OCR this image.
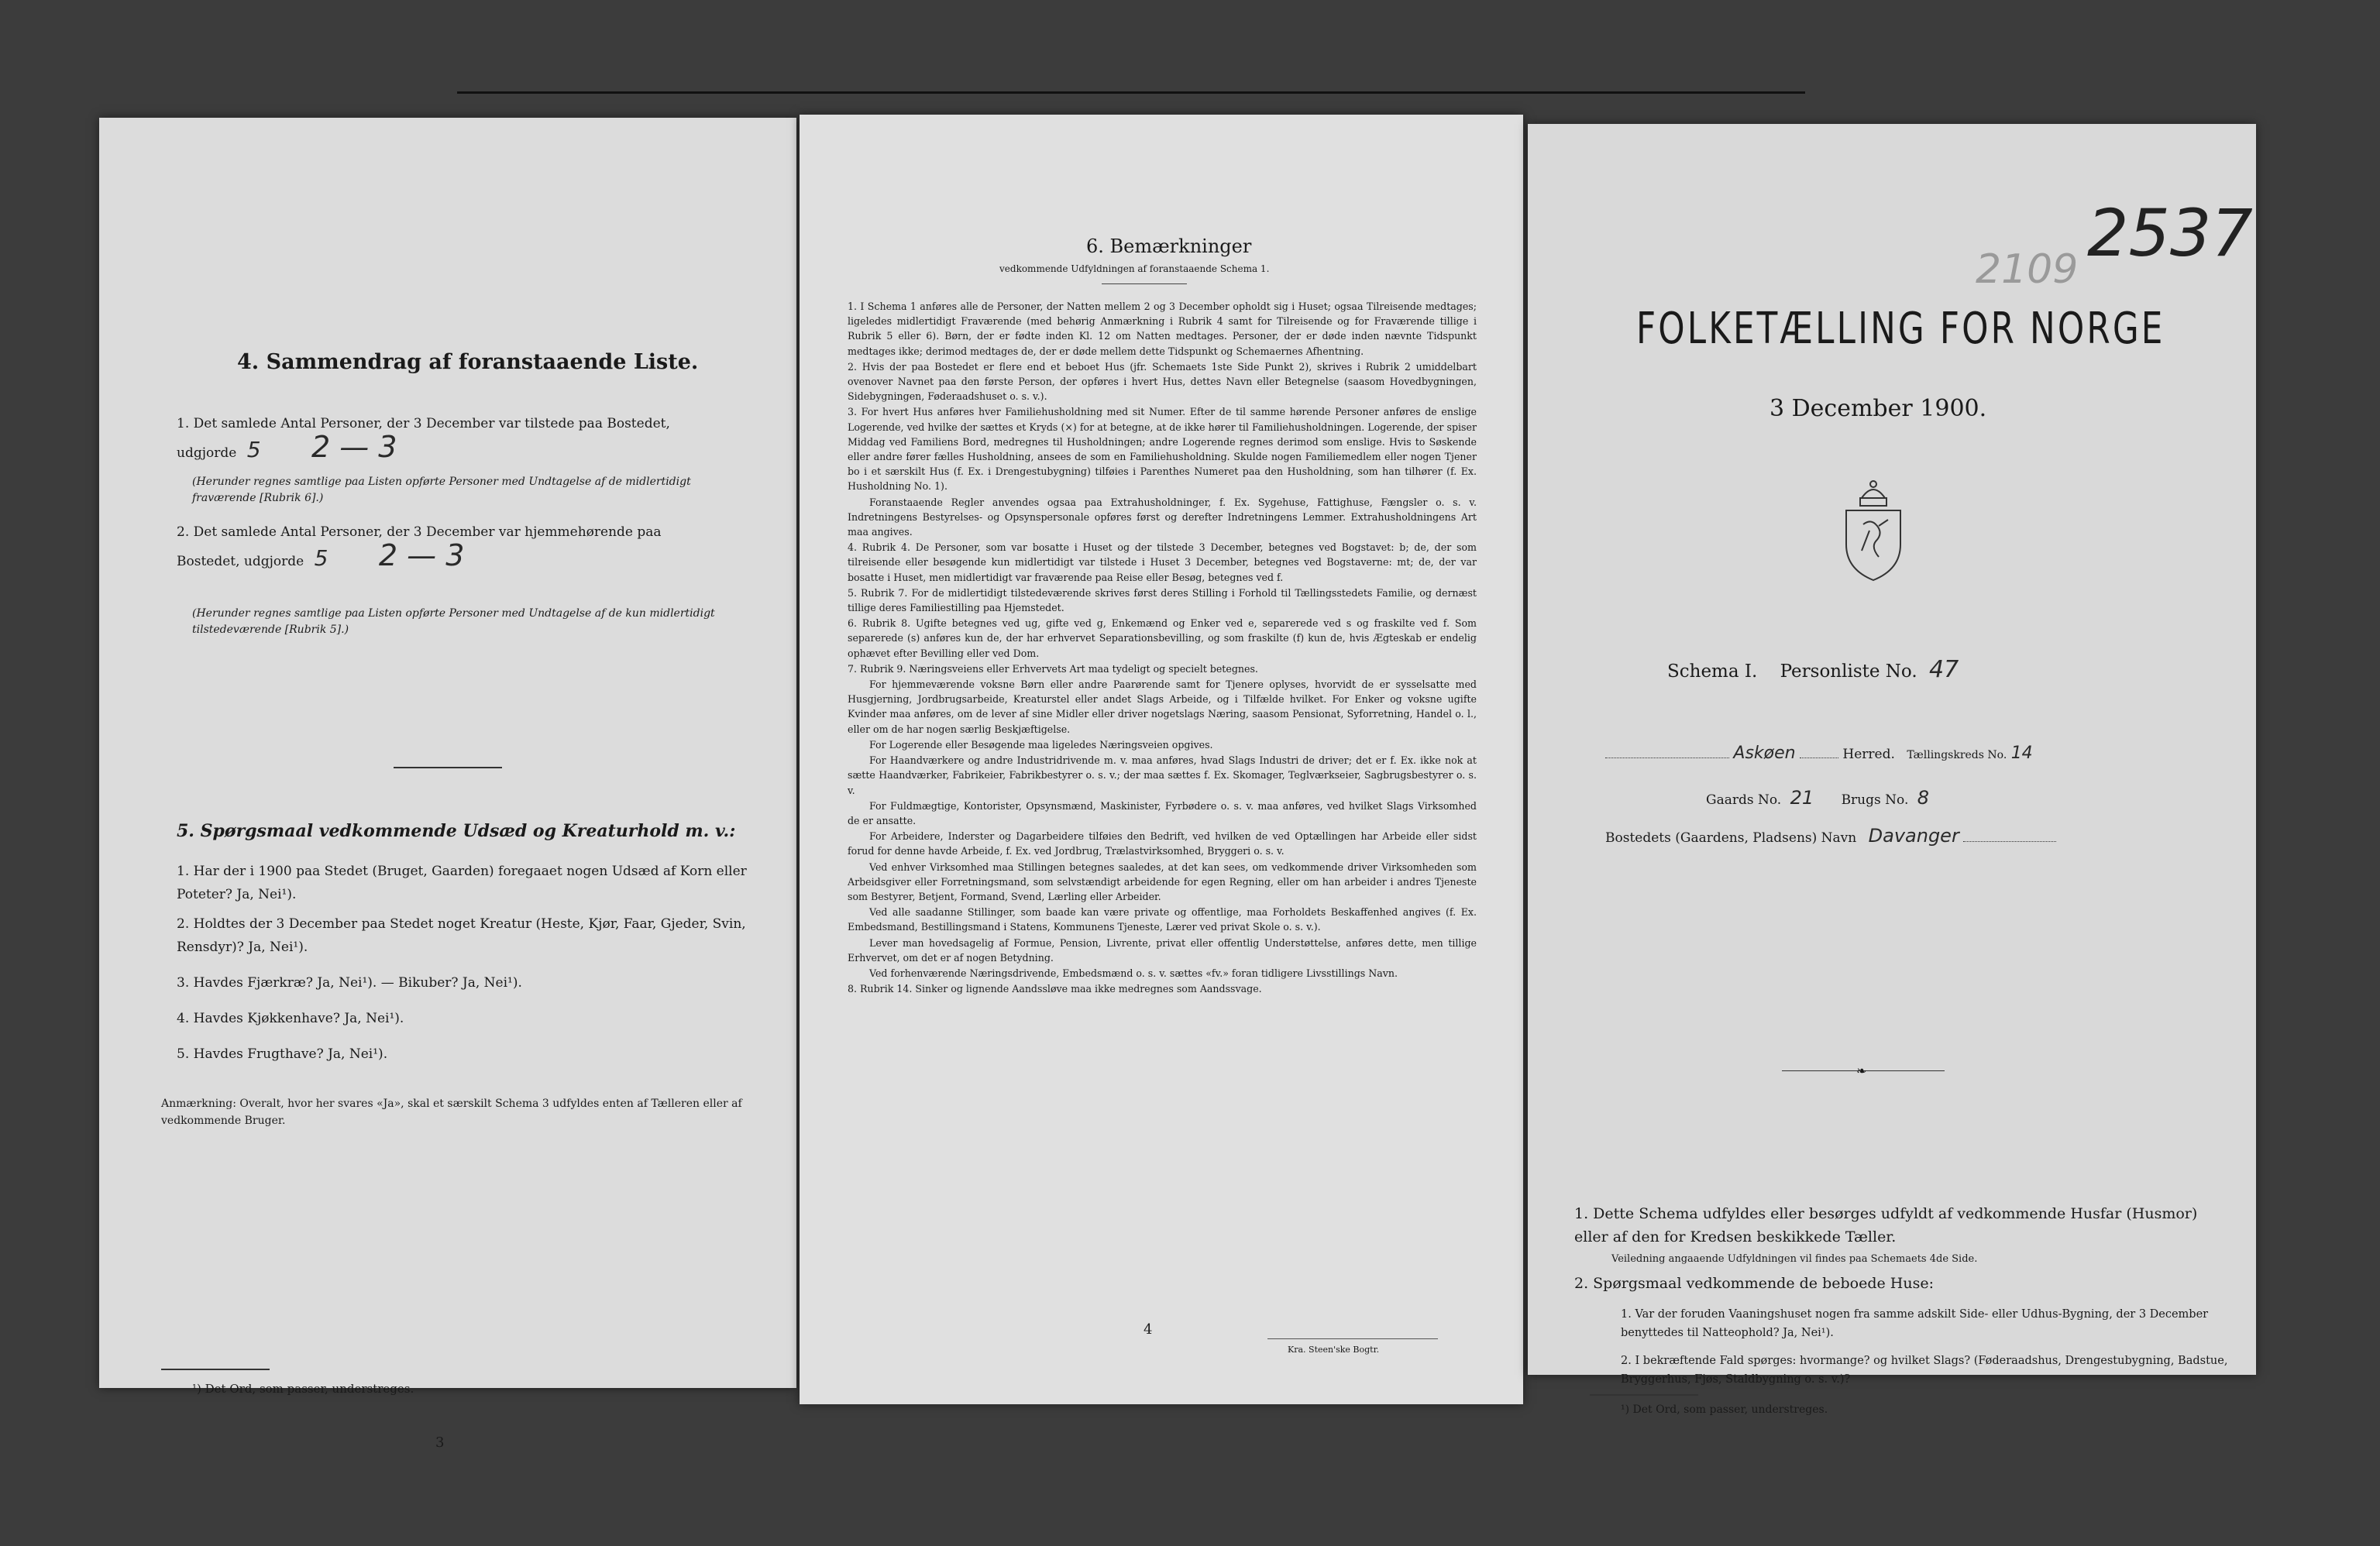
4. Sammendrag af foranstaaende Liste.
1. Det samlede Antal Personer, der 3 December var tilstede paa Bostedet,
udgjorde 5 2 — 3
(Herunder regnes samtlige paa Listen opførte Personer med Undtagelse af de midlertidigt fraværende [Rubrik 6].)
2. Det samlede Antal Personer, der 3 December var hjemmehørende paa
Bostedet, udgjorde 5 2 — 3
(Herunder regnes samtlige paa Listen opførte Personer med Undtagelse af de kun midlertidigt tilstedeværende [Rubrik 5].)
5. Spørgsmaal vedkommende Udsæd og Kreaturhold m. v.:
1. Har der i 1900 paa Stedet (Bruget, Gaarden) foregaaet nogen Udsæd af Korn eller Poteter? Ja, Nei¹).
2. Holdtes der 3 December paa Stedet noget Kreatur (Heste, Kjør, Faar, Gjeder, Svin, Rensdyr)? Ja, Nei¹).
3. Havdes Fjærkræ? Ja, Nei¹). — Bikuber? Ja, Nei¹).
4. Havdes Kjøkkenhave? Ja, Nei¹).
5. Havdes Frugthave? Ja, Nei¹).
Anmærkning: Overalt, hvor her svares «Ja», skal et særskilt Schema 3 udfyldes enten af Tælleren eller af vedkommende Bruger.
¹) Det Ord, som passer, understreges.
3
6. Bemærkninger
vedkommende Udfyldningen af foranstaaende Schema 1.

1. I Schema 1 anføres alle de Personer, der Natten mellem 2 og 3 December opholdt sig i Huset; ogsaa Tilreisende medtages; ligeledes midlertidigt Fraværende (med behørig Anmærkning i Rubrik 4 samt for Tilreisende og for Fraværende tillige i Rubrik 5 eller 6). Børn, der er fødte inden Kl. 12 om Natten medtages. Personer, der er døde inden nævnte Tidspunkt medtages ikke; derimod medtages de, der er døde mellem dette Tidspunkt og Schemaernes Afhentning.

2. Hvis der paa Bostedet er flere end et beboet Hus (jfr. Schemaets 1ste Side Punkt 2), skrives i Rubrik 2 umiddelbart ovenover Navnet paa den første Person, der opføres i hvert Hus, dettes Navn eller Betegnelse (saasom Hovedbygningen, Sidebygningen, Føderaadshuset o. s. v.).

3. For hvert Hus anføres hver Familiehusholdning med sit Numer. Efter de til samme hørende Personer anføres de enslige Logerende, ved hvilke der sættes et Kryds (×) for at betegne, at de ikke hører til Familiehusholdningen. Logerende, der spiser Middag ved Familiens Bord, medregnes til Husholdningen; andre Logerende regnes derimod som enslige. Hvis to Søskende eller andre fører fælles Husholdning, ansees de som en Familiehusholdning. Skulde nogen Familiemedlem eller nogen Tjener bo i et særskilt Hus (f. Ex. i Drengestubygning) tilføies i Parenthes Numeret paa den Husholdning, som han tilhører (f. Ex. Husholdning No. 1).

Foranstaaende Regler anvendes ogsaa paa Extrahusholdninger, f. Ex. Sygehuse, Fattighuse, Fængsler o. s. v. Indretningens Bestyrelses- og Opsynspersonale opføres først og derefter Indretningens Lemmer. Extrahusholdningens Art maa angives.

4. Rubrik 4. De Personer, som var bosatte i Huset og der tilstede 3 December, betegnes ved Bogstavet: b; de, der som tilreisende eller besøgende kun midlertidigt var tilstede i Huset 3 December, betegnes ved Bogstaverne: mt; de, der var bosatte i Huset, men midlertidigt var fraværende paa Reise eller Besøg, betegnes ved f.

5. Rubrik 7. For de midlertidigt tilstedeværende skrives først deres Stilling i Forhold til Tællingsstedets Familie, og dernæst tillige deres Familiestilling paa Hjemstedet.

6. Rubrik 8. Ugifte betegnes ved ug, gifte ved g, Enkemænd og Enker ved e, separerede ved s og fraskilte ved f. Som separerede (s) anføres kun de, der har erhvervet Separationsbevilling, og som fraskilte (f) kun de, hvis Ægteskab er endelig ophævet efter Bevilling eller ved Dom.

7. Rubrik 9. Næringsveiens eller Erhvervets Art maa tydeligt og specielt betegnes.

For hjemmeværende voksne Børn eller andre Paarørende samt for Tjenere oplyses, hvorvidt de er sysselsatte med Husgjerning, Jordbrugsarbeide, Kreaturstel eller andet Slags Arbeide, og i Tilfælde hvilket. For Enker og voksne ugifte Kvinder maa anføres, om de lever af sine Midler eller driver nogetslags Næring, saasom Pensionat, Syforretning, Handel o. l., eller om de har nogen særlig Beskjæftigelse.

For Logerende eller Besøgende maa ligeledes Næringsveien opgives.

For Haandværkere og andre Industridrivende m. v. maa anføres, hvad Slags Industri de driver; det er f. Ex. ikke nok at sætte Haandværker, Fabrikeier, Fabrikbestyrer o. s. v.; der maa sættes f. Ex. Skomager, Teglværkseier, Sagbrugsbestyrer o. s. v.

For Fuldmægtige, Kontorister, Opsynsmænd, Maskinister, Fyrbødere o. s. v. maa anføres, ved hvilket Slags Virksomhed de er ansatte.

For Arbeidere, Inderster og Dagarbeidere tilføies den Bedrift, ved hvilken de ved Optællingen har Arbeide eller sidst forud for denne havde Arbeide, f. Ex. ved Jordbrug, Trælastvirksomhed, Bryggeri o. s. v.

Ved enhver Virksomhed maa Stillingen betegnes saaledes, at det kan sees, om vedkommende driver Virksomheden som Arbeidsgiver eller Forretningsmand, som selvstændigt arbeidende for egen Regning, eller om han arbeider i andres Tjeneste som Bestyrer, Betjent, Formand, Svend, Lærling eller Arbeider.

Ved alle saadanne Stillinger, som baade kan være private og offentlige, maa Forholdets Beskaffenhed angives (f. Ex. Embedsmand, Bestillingsmand i Statens, Kommunens Tjeneste, Lærer ved privat Skole o. s. v.).

Lever man hovedsagelig af Formue, Pension, Livrente, privat eller offentlig Understøttelse, anføres dette, men tillige Erhvervet, om det er af nogen Betydning.

Ved forhenværende Næringsdrivende, Embedsmænd o. s. v. sættes «fv.» foran tidligere Livsstillings Navn.

8. Rubrik 14. Sinker og lignende Aandssløve maa ikke medregnes som Aandssvage.

4
Kra. Steen'ske Bogtr.
2537
2109
FOLKETÆLLING FOR NORGE
3 December 1900.
Schema I. Personliste No. 47
Askøen	Herred. Tællingskreds No. 14
Gaards No. 21 Brugs No. 8
Bostedets (Gaardens, Pladsens) Navn Davanger
❧
1. Dette Schema udfyldes eller besørges udfyldt af vedkommende Husfar (Husmor) eller af den for Kredsen beskikkede Tæller.
Veiledning angaaende Udfyldningen vil findes paa Schemaets 4de Side.
2. Spørgsmaal vedkommende de beboede Huse:
1. Var der foruden Vaaningshuset nogen fra samme adskilt Side- eller Udhus-Bygning, der 3 December benyttedes til Natteophold? Ja, Nei¹).
2. I bekræftende Fald spørges: hvormange? og hvilket Slags? (Føderaadshus, Drengestubygning, Badstue, Bryggerhus, Fjøs, Staldbygning o. s. v.)?
¹) Det Ord, som passer, understreges.
